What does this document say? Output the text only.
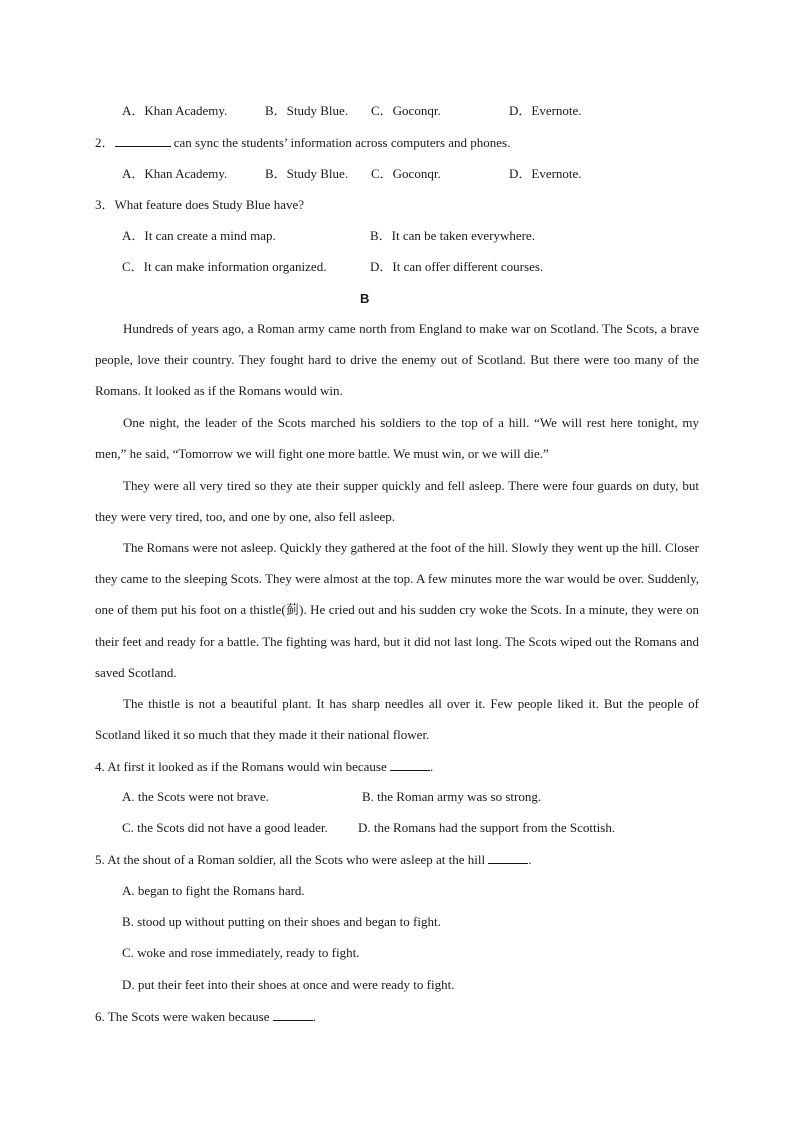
A．Khan Academy.	B．Study Blue. C．Goconqr.	D．Evernote.
2．	can sync the students’ information across computers and phones.
A．Khan Academy.	B．Study Blue. C．Goconqr.	D．Evernote.
3．What feature does Study Blue have?
A．It can create a mind map.	B．It can be taken everywhere.
C．It can make information organized.	D．It can offer different courses.
B

Hundreds of years ago, a Roman army came north from England to make war on Scotland. The Scots, a brave people, love their country. They fought hard to drive the enemy out of Scotland. But there were too many of the Romans. It looked as if the Romans would win.

One night, the leader of the Scots marched his soldiers to the top of a hill. “We will rest here tonight, my men,” he said, “Tomorrow we will fight one more battle. We must win, or we will die.”

They were all very tired so they ate their supper quickly and fell asleep. There were four guards on duty, but they were very tired, too, and one by one, also fell asleep.

The Romans were not asleep. Quickly they gathered at the foot of the hill. Slowly they went up the hill. Closer they came to the sleeping Scots. They were almost at the top. A few minutes more the war would be over. Suddenly, one of them put his foot on a thistle(蓟). He cried out and his sudden cry woke the Scots. In a minute, they were on their feet and ready for a battle. The fighting was hard, but it did not last long. The Scots wiped out the Romans and saved Scotland.

The thistle is not a beautiful plant. It has sharp needles all over it. Few people liked it. But the people of Scotland liked it so much that they made it their national flower.

4. At first it looked as if the Romans would win because	.
A. the Scots were not brave.	B. the Roman army was so strong.
C. the Scots did not have a good leader. D. the Romans had the support from the Scottish.
5. At the shout of a Roman soldier, all the Scots who were asleep at the hill	.
A. began to fight the Romans hard.
B. stood up without putting on their shoes and began to fight.
C. woke and rose immediately, ready to fight.
D. put their feet into their shoes at once and were ready to fight.
6. The Scots were waken because	.
